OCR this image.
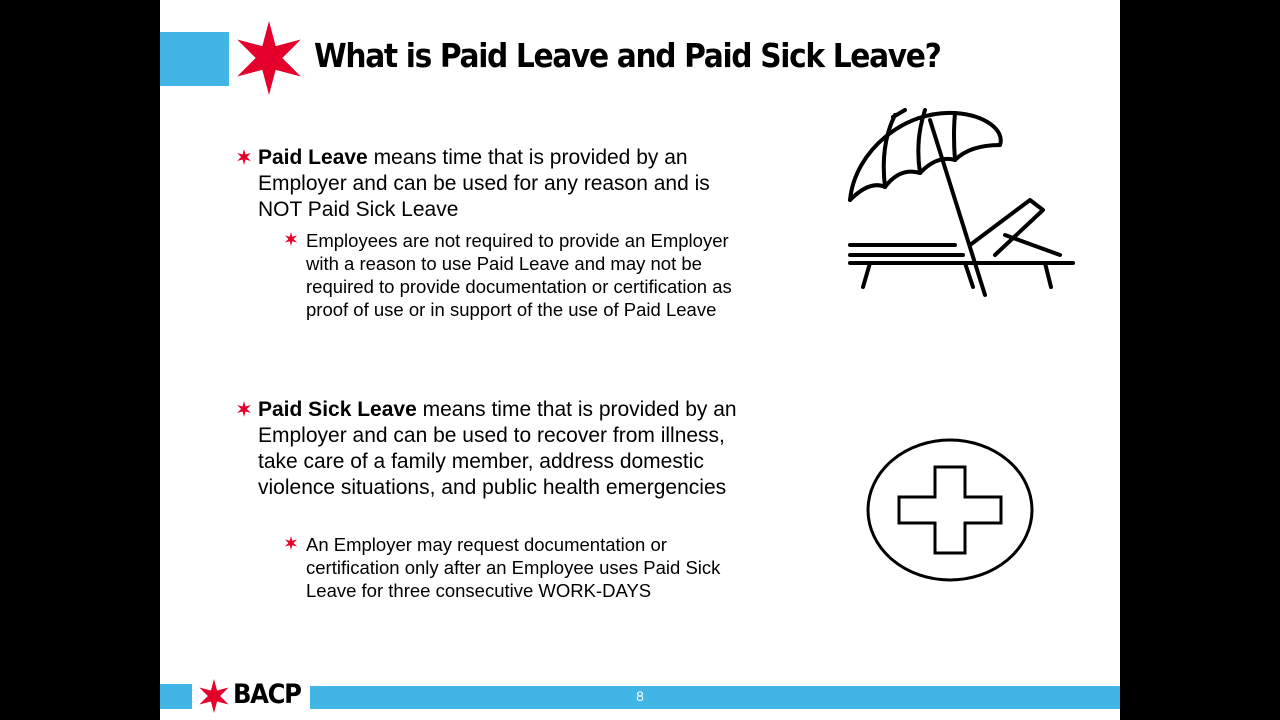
What is Paid Leave and Paid Sick Leave?
Paid Leave means time that is provided by an Employer and can be used for any reason and is NOT Paid Sick Leave
Employees are not required to provide an Employer with a reason to use Paid Leave and may not be required to provide documentation or certification as proof of use or in support of the use of Paid Leave
Paid Sick Leave means time that is provided by an Employer and can be used to recover from illness, take care of a family member, address domestic violence situations, and public health emergencies
An Employer may request documentation or certification only after an Employee uses Paid Sick Leave for three consecutive WORK-DAYS
BACP	8
